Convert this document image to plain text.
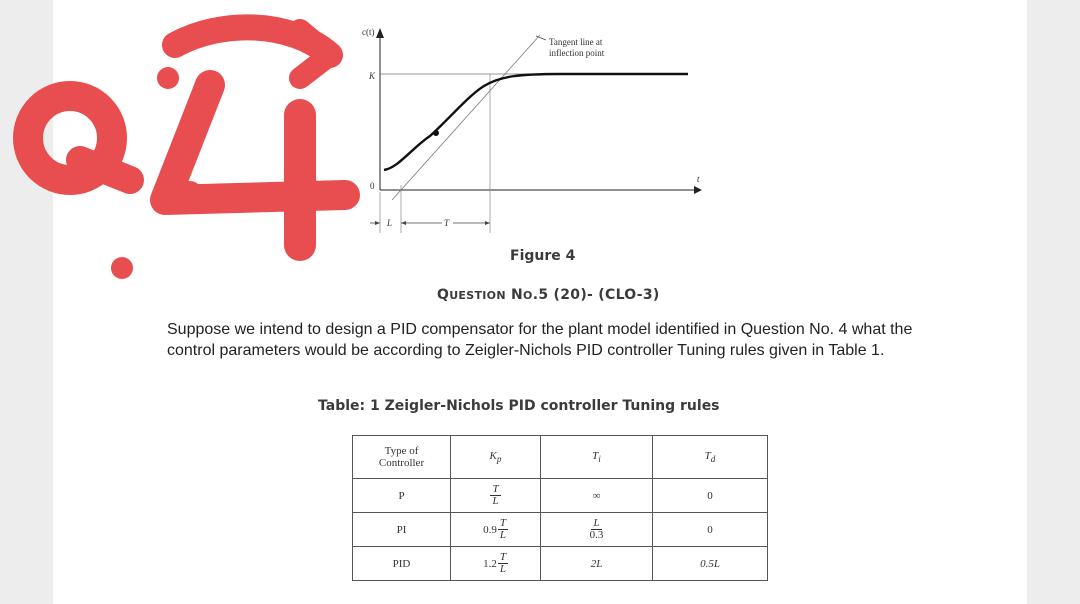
c(t)
K
0
t
Tangent line at
inflection point
L	T
Figure 4
QUESTION NO.5 (20)- (CLO-3)
Suppose we intend to design a PID compensator for the plant model identified in Question No. 4 what the control parameters would be according to Zeigler-Nichols PID controller Tuning rules given in Table 1.
Table: 1 Zeigler-Nichols PID controller Tuning rules
Type of
Controller	$K_p$	$T_i$	$T_d$
P	$\frac{T}{L}$	∞	0
PI	$0.9 \frac{T}{L}$	$\frac{L}{0.3}$	0
PID	$1.2 \frac{T}{L}$	2L	0.5L
